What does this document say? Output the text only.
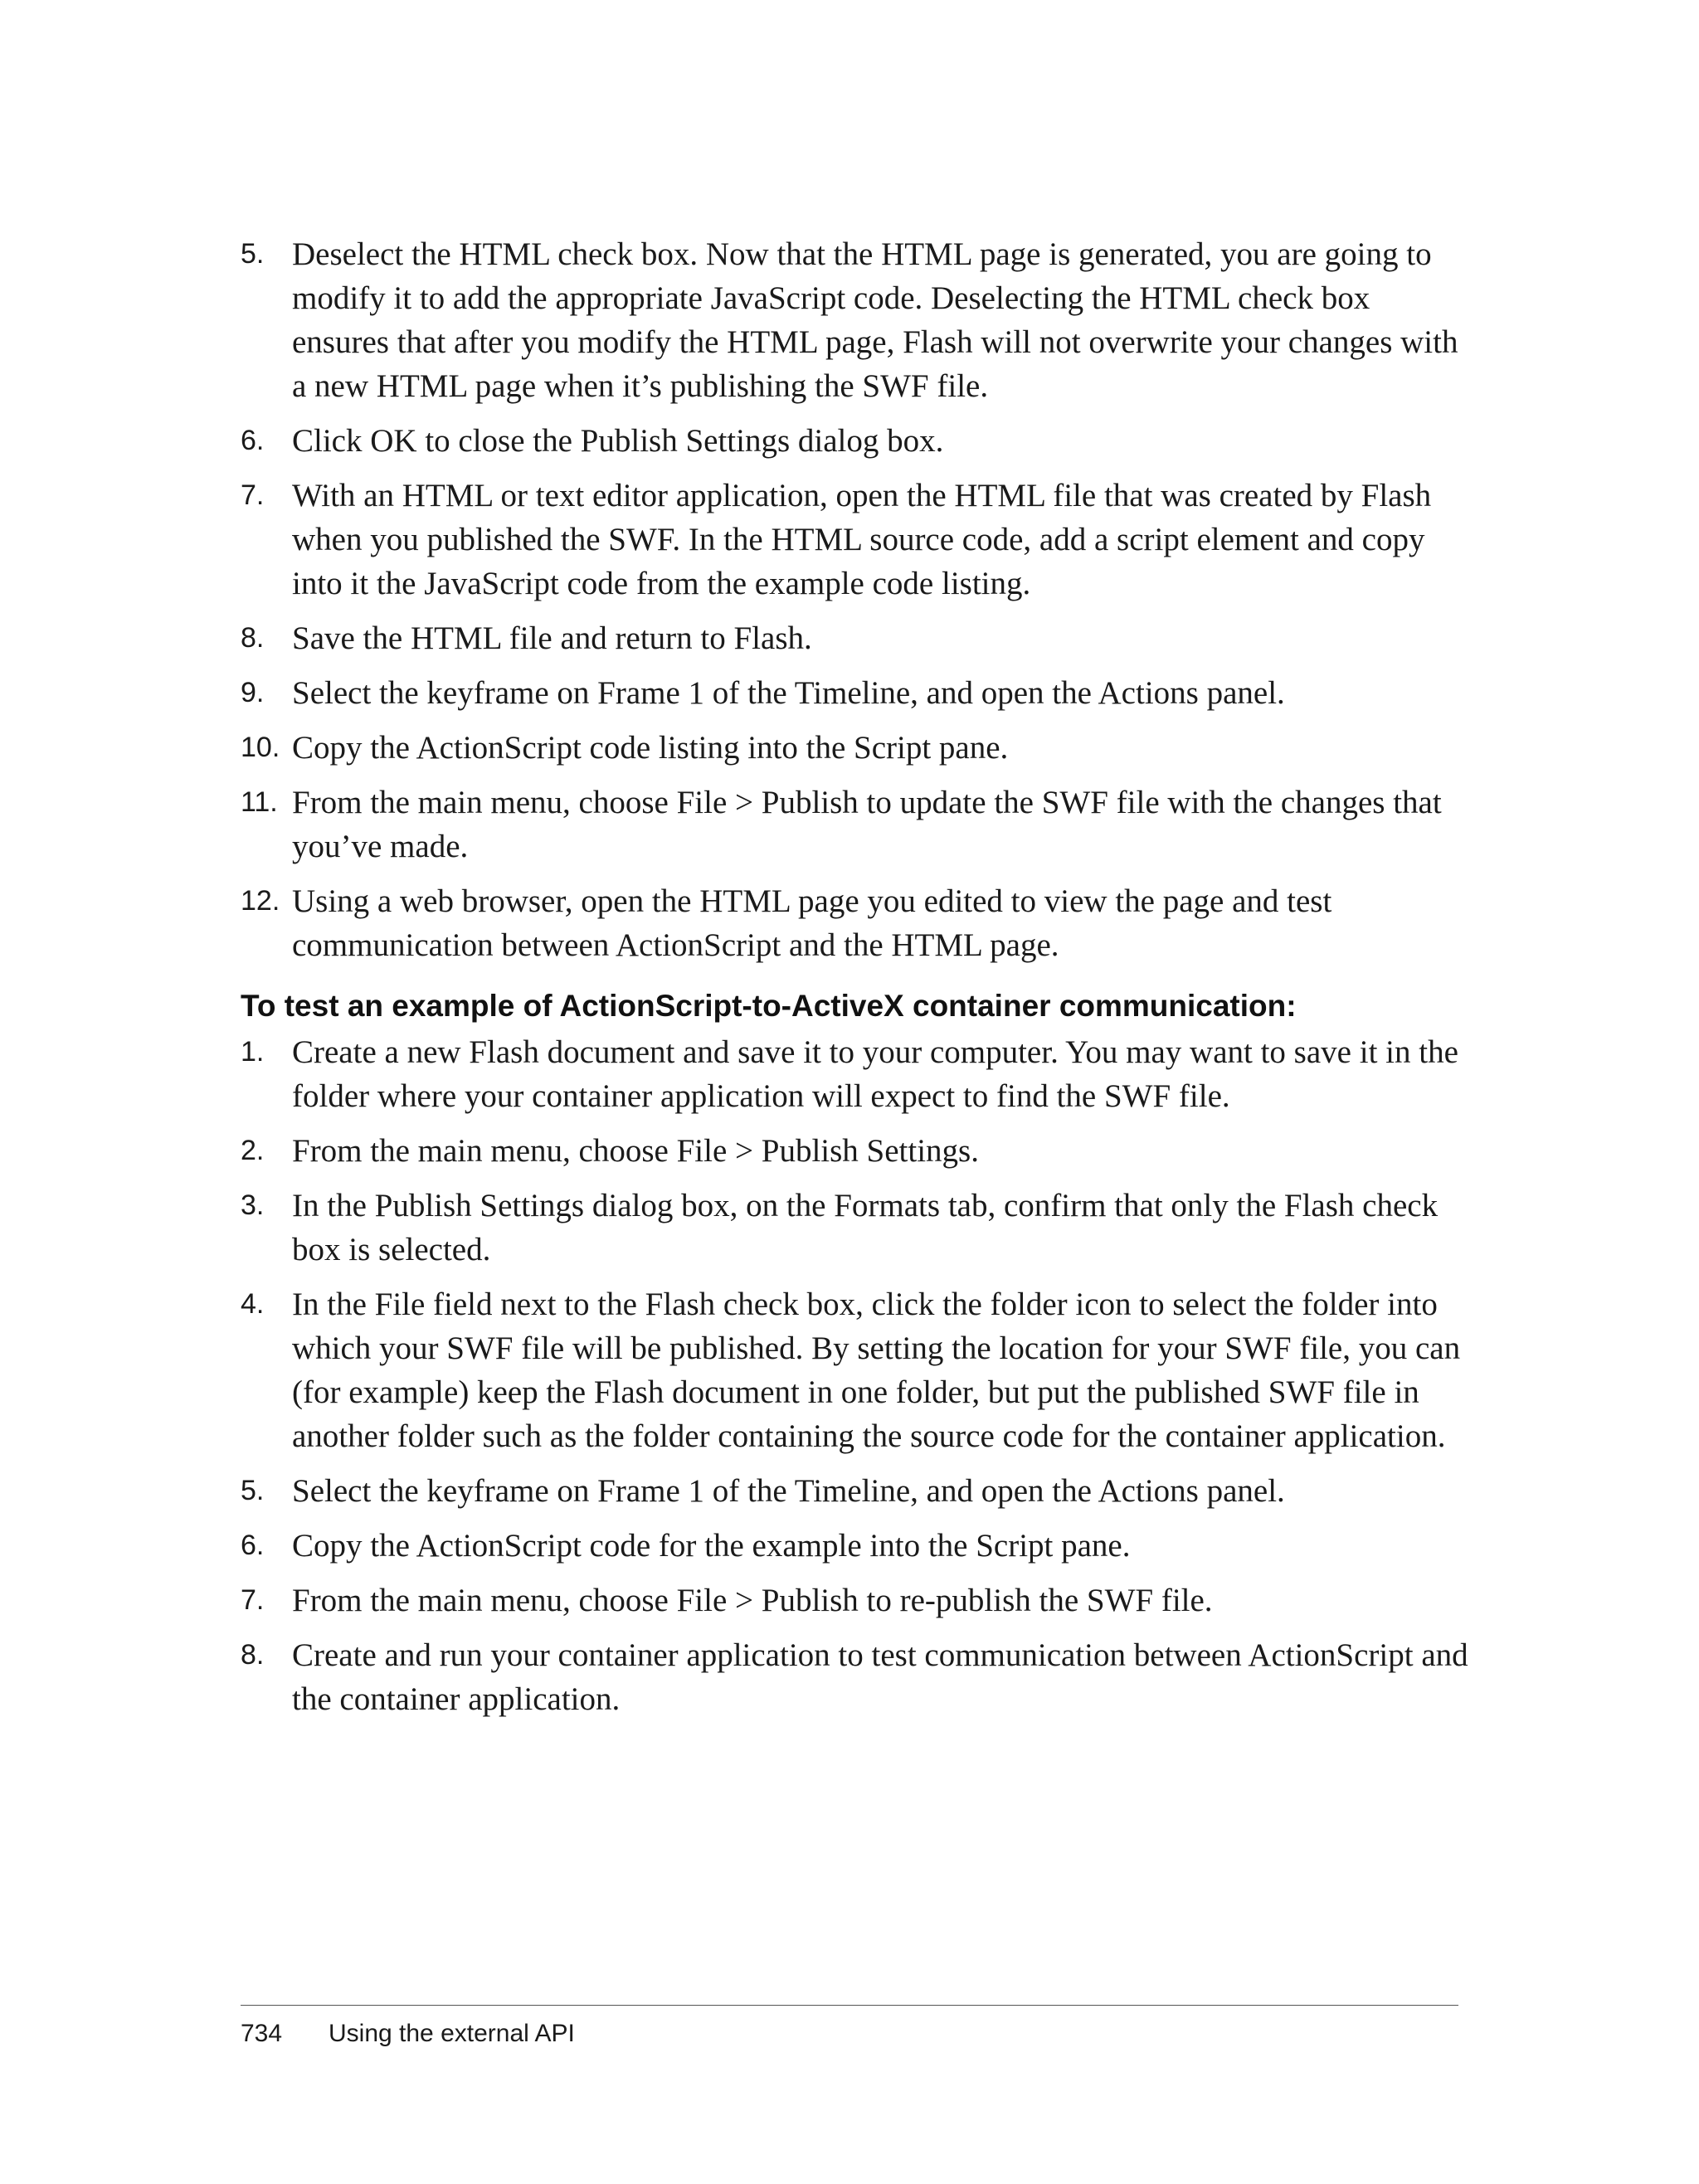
5. Deselect the HTML check box. Now that the HTML page is generated, you are going to modify it to add the appropriate JavaScript code. Deselecting the HTML check box ensures that after you modify the HTML page, Flash will not overwrite your changes with a new HTML page when it’s publishing the SWF file.
6. Click OK to close the Publish Settings dialog box.
7. With an HTML or text editor application, open the HTML file that was created by Flash when you published the SWF. In the HTML source code, add a script element and copy into it the JavaScript code from the example code listing.
8. Save the HTML file and return to Flash.
9. Select the keyframe on Frame 1 of the Timeline, and open the Actions panel.
10. Copy the ActionScript code listing into the Script pane.
11. From the main menu, choose File > Publish to update the SWF file with the changes that you’ve made.
12. Using a web browser, open the HTML page you edited to view the page and test communication between ActionScript and the HTML page.
To test an example of ActionScript-to-ActiveX container communication:
1. Create a new Flash document and save it to your computer. You may want to save it in the folder where your container application will expect to find the SWF file.
2. From the main menu, choose File > Publish Settings.
3. In the Publish Settings dialog box, on the Formats tab, confirm that only the Flash check box is selected.
4. In the File field next to the Flash check box, click the folder icon to select the folder into which your SWF file will be published. By setting the location for your SWF file, you can (for example) keep the Flash document in one folder, but put the published SWF file in another folder such as the folder containing the source code for the container application.
5. Select the keyframe on Frame 1 of the Timeline, and open the Actions panel.
6. Copy the ActionScript code for the example into the Script pane.
7. From the main menu, choose File > Publish to re-publish the SWF file.
8. Create and run your container application to test communication between ActionScript and the container application.
734	Using the external API
